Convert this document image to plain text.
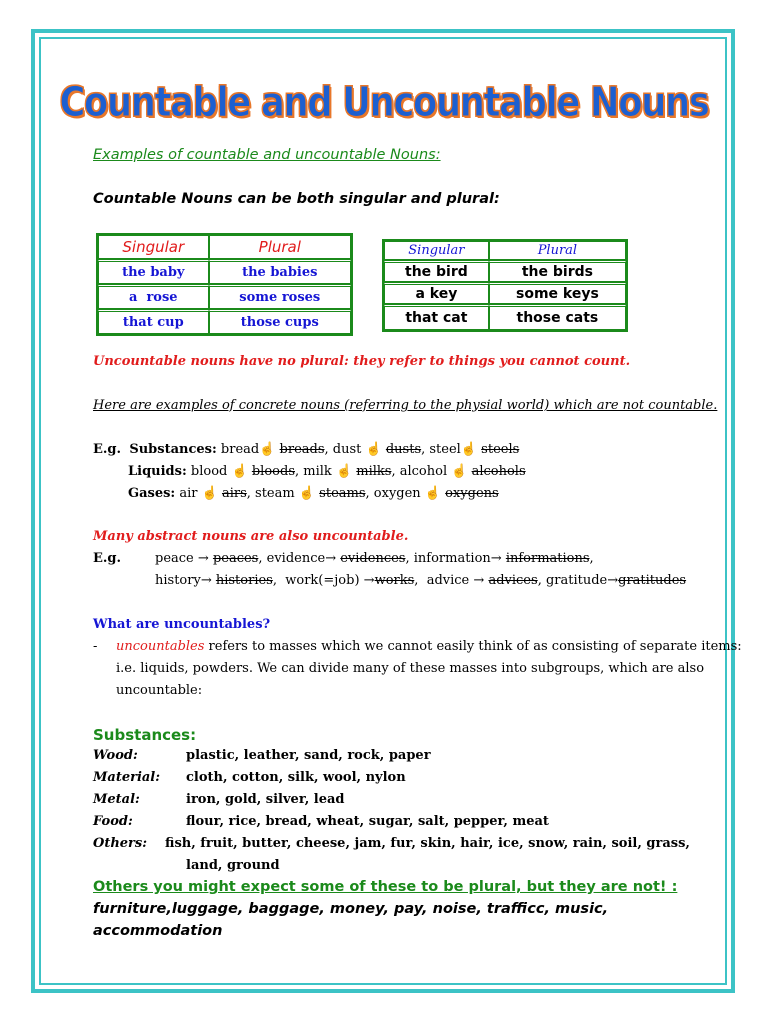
Countable and Uncountable Nouns
Examples of countable and uncountable Nouns:
Countable Nouns can be both singular and plural:
Singular	Plural
the baby	the babies
a  rose	some roses
that cup	those cups
Singular	Plural
the bird	the birds
a key	some keys
that cat	those cats
Uncountable nouns have no plural: they refer to things you cannot count.
Here are examples of concrete nouns (referring to the physial world) which are not countable.
E.g. Substances: bread☝ breads, dust ☝ dusts, steel☝ steels
Liquids: blood ☝ bloods, milk ☝ milks, alcohol ☝ alcohols
Gases: air ☝ airs, steam ☝ steams, oxygen ☝ oxygens
Many abstract nouns are also uncountable.
E.g.	peace → peaces, evidence→ evidences, information→ informations,
history→ histories,  work(=job) →works,  advice → advices, gratitude→gratitudes
What are uncountables?
- uncountables refers to masses which we cannot easily think of as consisting of separate items:
i.e. liquids, powders. We can divide many of these masses into subgroups, which are also
uncountable:
Substances:
Wood:	plastic, leather, sand, rock, paper
Material: cloth, cotton, silk, wool, nylon
Metal:	iron, gold, silver, lead
Food:	flour, rice, bread, wheat, sugar, salt, pepper, meat
Others: fish, fruit, butter, cheese, jam, fur, skin, hair, ice, snow, rain, soil, grass,
land, ground
Others you might expect some of these to be plural, but they are not! :
furniture,luggage, baggage, money, pay, noise, trafficc, music,
accommodation
